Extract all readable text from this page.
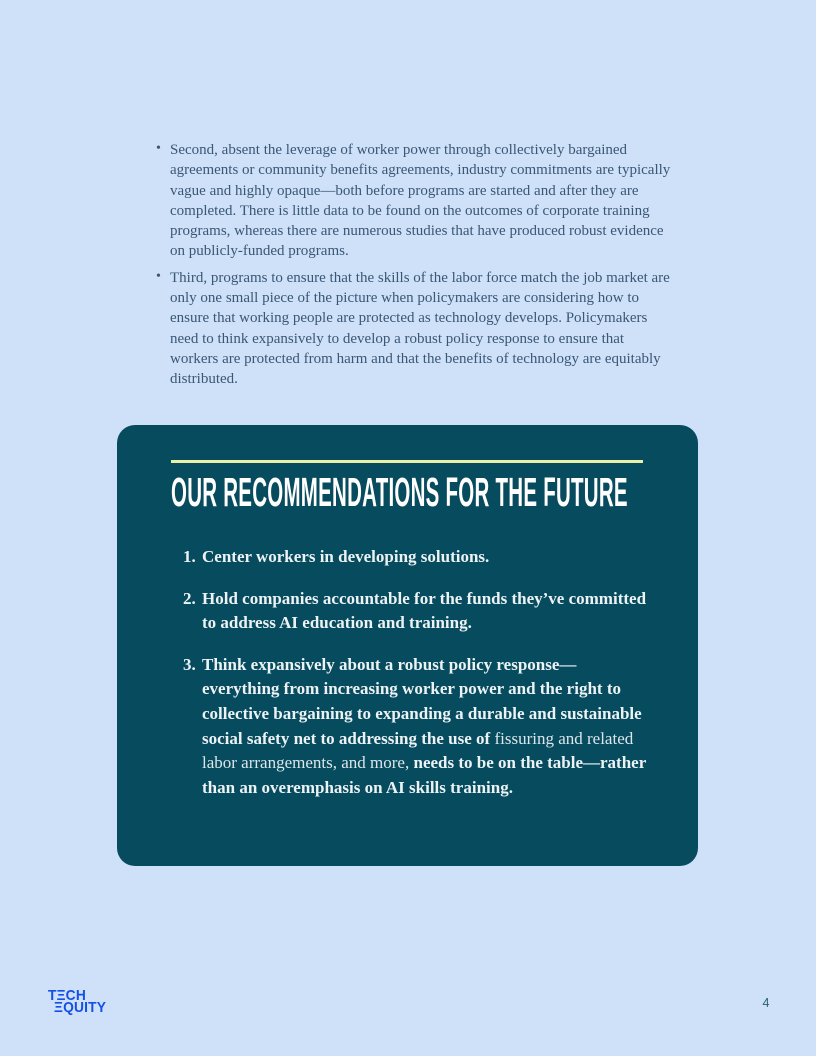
• Second, absent the leverage of worker power through collectively bargained agreements or community benefits agreements, industry commitments are typically vague and highly opaque—both before programs are started and after they are completed. There is little data to be found on the outcomes of corporate training programs, whereas there are numerous studies that have produced robust evidence on publicly-funded programs.
• Third, programs to ensure that the skills of the labor force match the job market are only one small piece of the picture when policymakers are considering how to ensure that working people are protected as technology develops. Policymakers need to think expansively to develop a robust policy response to ensure that workers are protected from harm and that the benefits of technology are equitably distributed.
OUR RECOMMENDATIONS FOR THE FUTURE
1. Center workers in developing solutions.
2. Hold companies accountable for the funds they’ve committed to address AI education and training.
3. Think expansively about a robust policy response—everything from increasing worker power and the right to collective bargaining to expanding a durable and sustainable social safety net to addressing the use of fissuring and related labor arrangements, and more, needs to be on the table—rather than an overemphasis on AI skills training.
TΞCH
ΞQUITY	4
